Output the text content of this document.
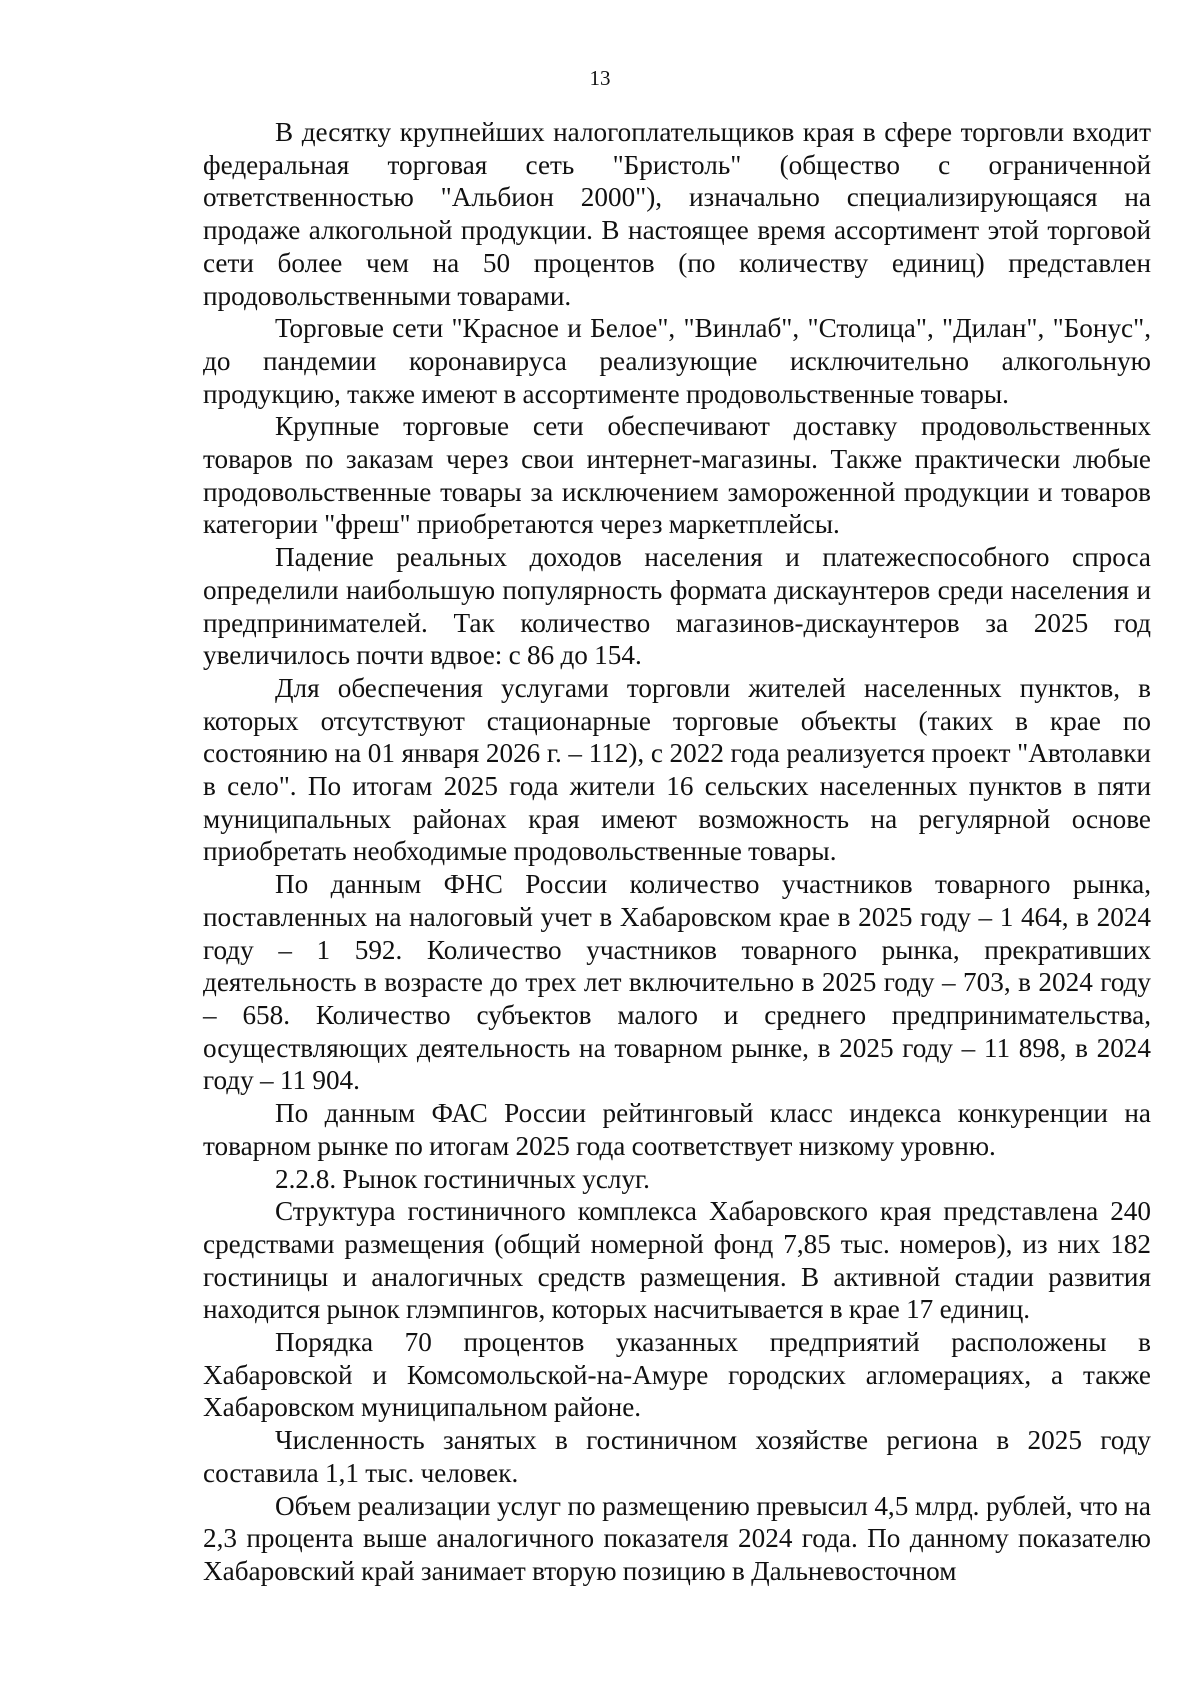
13

В десятку крупнейших налогоплательщиков края в сфере торговли входит федеральная торговая сеть "Бристоль" (общество с ограниченной ответственностью "Альбион 2000"), изначально специализирующаяся на продаже алкогольной продукции. В настоящее время ассортимент этой торговой сети более чем на 50 процентов (по количеству единиц) представлен продовольственными товарами.

Торговые сети "Красное и Белое", "Винлаб", "Столица", "Дилан", "Бонус", до пандемии коронавируса реализующие исключительно алкогольную продукцию, также имеют в ассортименте продовольственные товары.

Крупные торговые сети обеспечивают доставку продовольственных товаров по заказам через свои интернет-магазины. Также практически любые продовольственные товары за исключением замороженной продукции и товаров категории "фреш" приобретаются через маркетплейсы.

Падение реальных доходов населения и платежеспособного спроса определили наибольшую популярность формата дискаунтеров среди населения и предпринимателей. Так количество магазинов-дискаунтеров за 2025 год увеличилось почти вдвое: с 86 до 154.

Для обеспечения услугами торговли жителей населенных пунктов, в которых отсутствуют стационарные торговые объекты (таких в крае по состоянию на 01 января 2026 г. – 112), с 2022 года реализуется проект "Автолавки в село". По итогам 2025 года жители 16 сельских населенных пунктов в пяти муниципальных районах края имеют возможность на регулярной основе приобретать необходимые продовольственные товары.

По данным ФНС России количество участников товарного рынка, поставленных на налоговый учет в Хабаровском крае в 2025 году – 1 464, в 2024 году – 1 592. Количество участников товарного рынка, прекративших деятельность в возрасте до трех лет включительно в 2025 году – 703, в 2024 году – 658. Количество субъектов малого и среднего предпринимательства, осуществляющих деятельность на товарном рынке, в 2025 году – 11 898, в 2024 году – 11 904.

По данным ФАС России рейтинговый класс индекса конкуренции на товарном рынке по итогам 2025 года соответствует низкому уровню.

2.2.8. Рынок гостиничных услуг.

Структура гостиничного комплекса Хабаровского края представлена 240 средствами размещения (общий номерной фонд 7,85 тыс. номеров), из них 182 гостиницы и аналогичных средств размещения. В активной стадии развития находится рынок глэмпингов, которых насчитывается в крае 17 единиц.

Порядка 70 процентов указанных предприятий расположены в Хабаровской и Комсомольской-на-Амуре городских агломерациях, а также Хабаровском муниципальном районе.

Численность занятых в гостиничном хозяйстве региона в 2025 году составила 1,1 тыс. человек.

Объем реализации услуг по размещению превысил 4,5 млрд. рублей, что на 2,3 процента выше аналогичного показателя 2024 года. По данному показателю Хабаровский край занимает вторую позицию в Дальневосточном
